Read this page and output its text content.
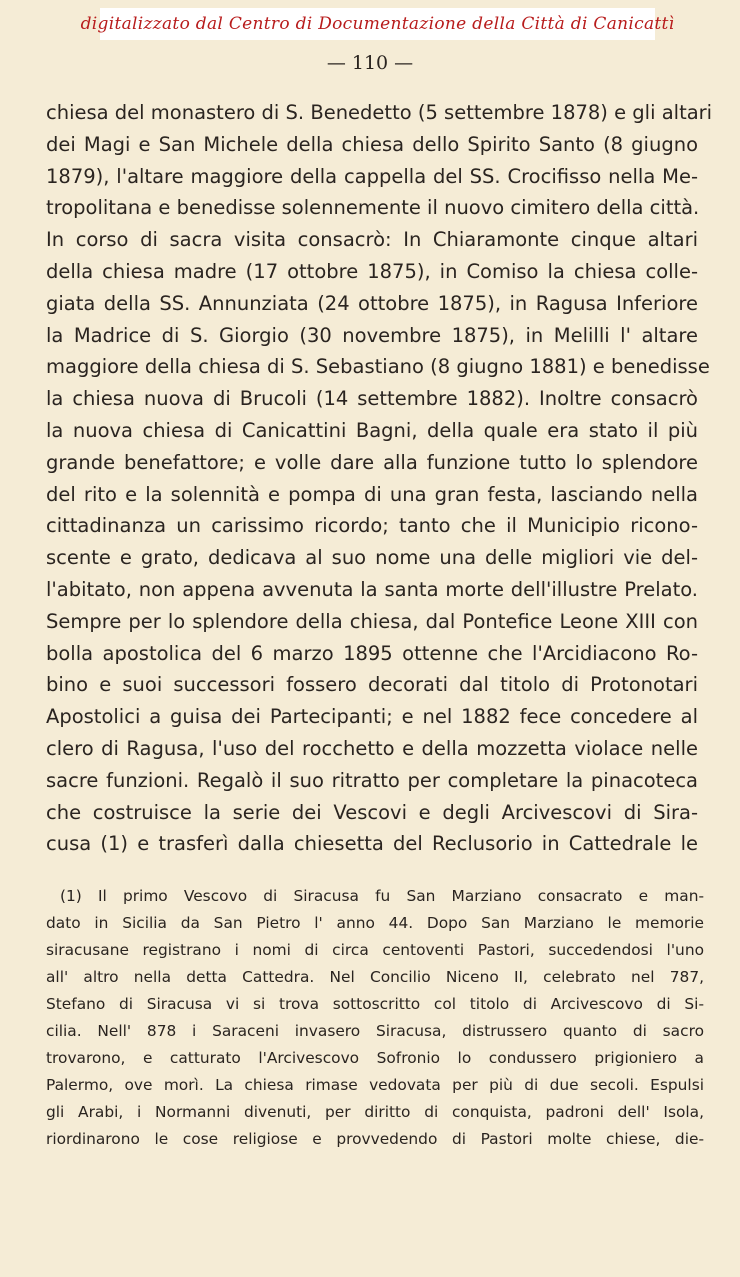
digitalizzato dal Centro di Documentazione della Città di Canicattì
— 110 —
chiesa del monastero di S. Benedetto (5 settembre 1878) e gli altari
dei Magi e San Michele della chiesa dello Spirito Santo (8 giugno
1879), l'altare maggiore della cappella del SS. Crocifisso nella Me-
tropolitana e benedisse solennemente il nuovo cimitero della città.
In corso di sacra visita consacrò: In Chiaramonte cinque altari
della chiesa madre (17 ottobre 1875), in Comiso la chiesa colle-
giata della SS. Annunziata (24 ottobre 1875), in Ragusa Inferiore
la Madrice di S. Giorgio (30 novembre 1875), in Melilli l' altare
maggiore della chiesa di S. Sebastiano (8 giugno 1881) e benedisse
la chiesa nuova di Brucoli (14 settembre 1882). Inoltre consacrò
la nuova chiesa di Canicattini Bagni, della quale era stato il più
grande benefattore; e volle dare alla funzione tutto lo splendore
del rito e la solennità e pompa di una gran festa, lasciando nella
cittadinanza un carissimo ricordo; tanto che il Municipio ricono-
scente e grato, dedicava al suo nome una delle migliori vie del-
l'abitato, non appena avvenuta la santa morte dell'illustre Prelato.
Sempre per lo splendore della chiesa, dal Pontefice Leone XIII con
bolla apostolica del 6 marzo 1895 ottenne che l'Arcidiacono Ro-
bino e suoi successori fossero decorati dal titolo di Protonotari
Apostolici a guisa dei Partecipanti; e nel 1882 fece concedere al
clero di Ragusa, l'uso del rocchetto e della mozzetta violace nelle
sacre funzioni. Regalò il suo ritratto per completare la pinacoteca
che costruisce la serie dei Vescovi e degli Arcivescovi di Sira-
cusa (1) e trasferì dalla chiesetta del Reclusorio in Cattedrale le
(1) Il primo Vescovo di Siracusa fu San Marziano consacrato e man-
dato in Sicilia da San Pietro l' anno 44. Dopo San Marziano le memorie
siracusane registrano i nomi di circa centoventi Pastori, succedendosi l'uno
all' altro nella detta Cattedra. Nel Concilio Niceno II, celebrato nel 787,
Stefano di Siracusa vi si trova sottoscritto col titolo di Arcivescovo di Si-
cilia. Nell' 878 i Saraceni invasero Siracusa, distrussero quanto di sacro
trovarono, e catturato l'Arcivescovo Sofronio lo condussero prigioniero a
Palermo, ove morì. La chiesa rimase vedovata per più di due secoli. Espulsi
gli Arabi, i Normanni divenuti, per diritto di conquista, padroni dell' Isola,
riordinarono le cose religiose e provvedendo di Pastori molte chiese, die-
